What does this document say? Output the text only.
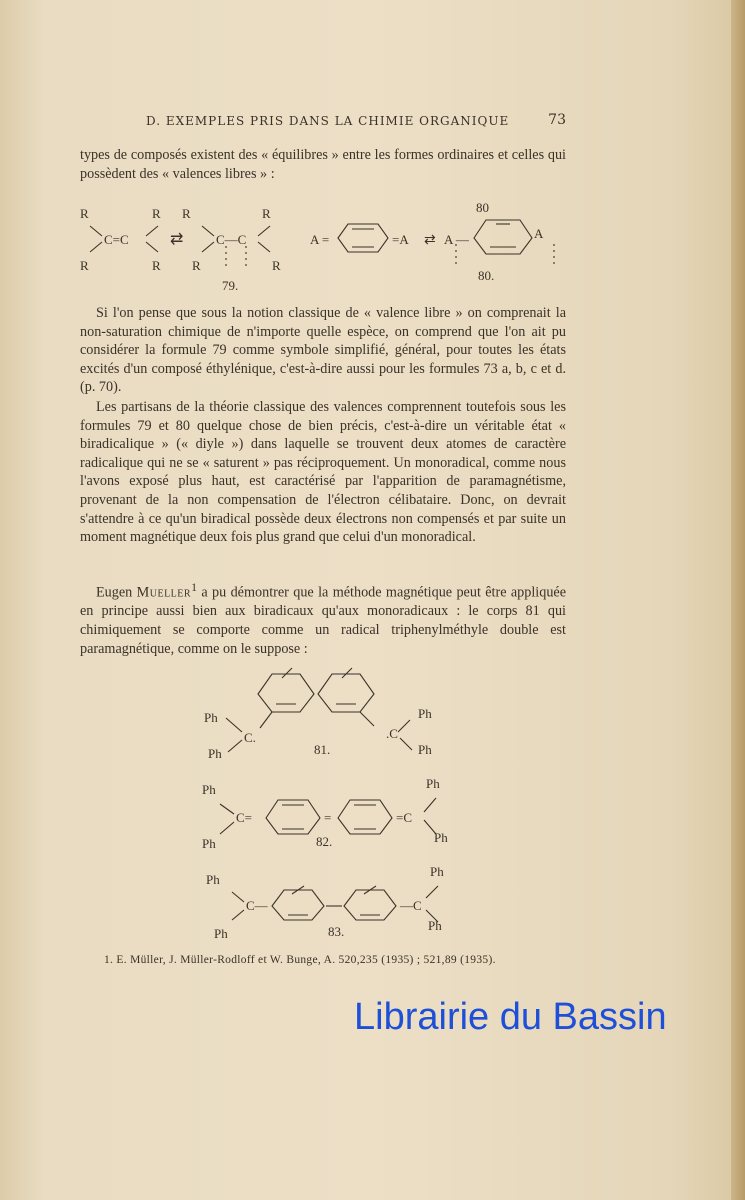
D. EXEMPLES PRIS DANS LA CHIMIE ORGANIQUE	73
types de composés existent des « équilibres » entre les formes ordinaires et celles qui possèdent des « valences libres » :
R
R
R
R
C=C	⇄
R
R
C—C
R
R
79.
A =	=A ⇄ A —	A
80
80.
Si l'on pense que sous la notion classique de « valence libre » on comprenait la non-saturation chimique de n'importe quelle espèce, on comprend que l'on ait pu considérer la formule 79 comme symbole simplifié, général, pour toutes les états excités d'un composé éthylénique, c'est-à-dire aussi pour les formules 73 a, b, c et d. (p. 70).
Les partisans de la théorie classique des valences comprennent toutefois sous les formules 79 et 80 quelque chose de bien précis, c'est-à-dire un véritable état « biradicalique » (« diyle ») dans laquelle se trouvent deux atomes de caractère radicalique qui ne se « saturent » pas réciproquement. Un monoradical, comme nous l'avons exposé plus haut, est caractérisé par l'apparition de paramagnétisme, provenant de la non compensation de l'électron célibataire. Donc, on devrait s'attendre à ce qu'un biradical possède deux électrons non compensés et par suite un moment magnétique deux fois plus grand que celui d'un monoradical.
Eugen Mueller$^1$ a pu démontrer que la méthode magnétique peut être appliquée en principe aussi bien aux biradicaux qu'aux monoradicaux : le corps 81 qui chimiquement se comporte comme un radical triphenylméthyle double est paramagnétique, comme on le suppose :
Ph
Ph
C.
81.
.C
Ph
Ph
Ph
Ph
C=	=	=C
Ph
Ph
82.
Ph
Ph
C—	—C
Ph
Ph
83.
1. E. Müller, J. Müller-Rodloff et W. Bunge, A. 520,235 (1935) ; 521,89 (1935).
Librairie du Bassin
